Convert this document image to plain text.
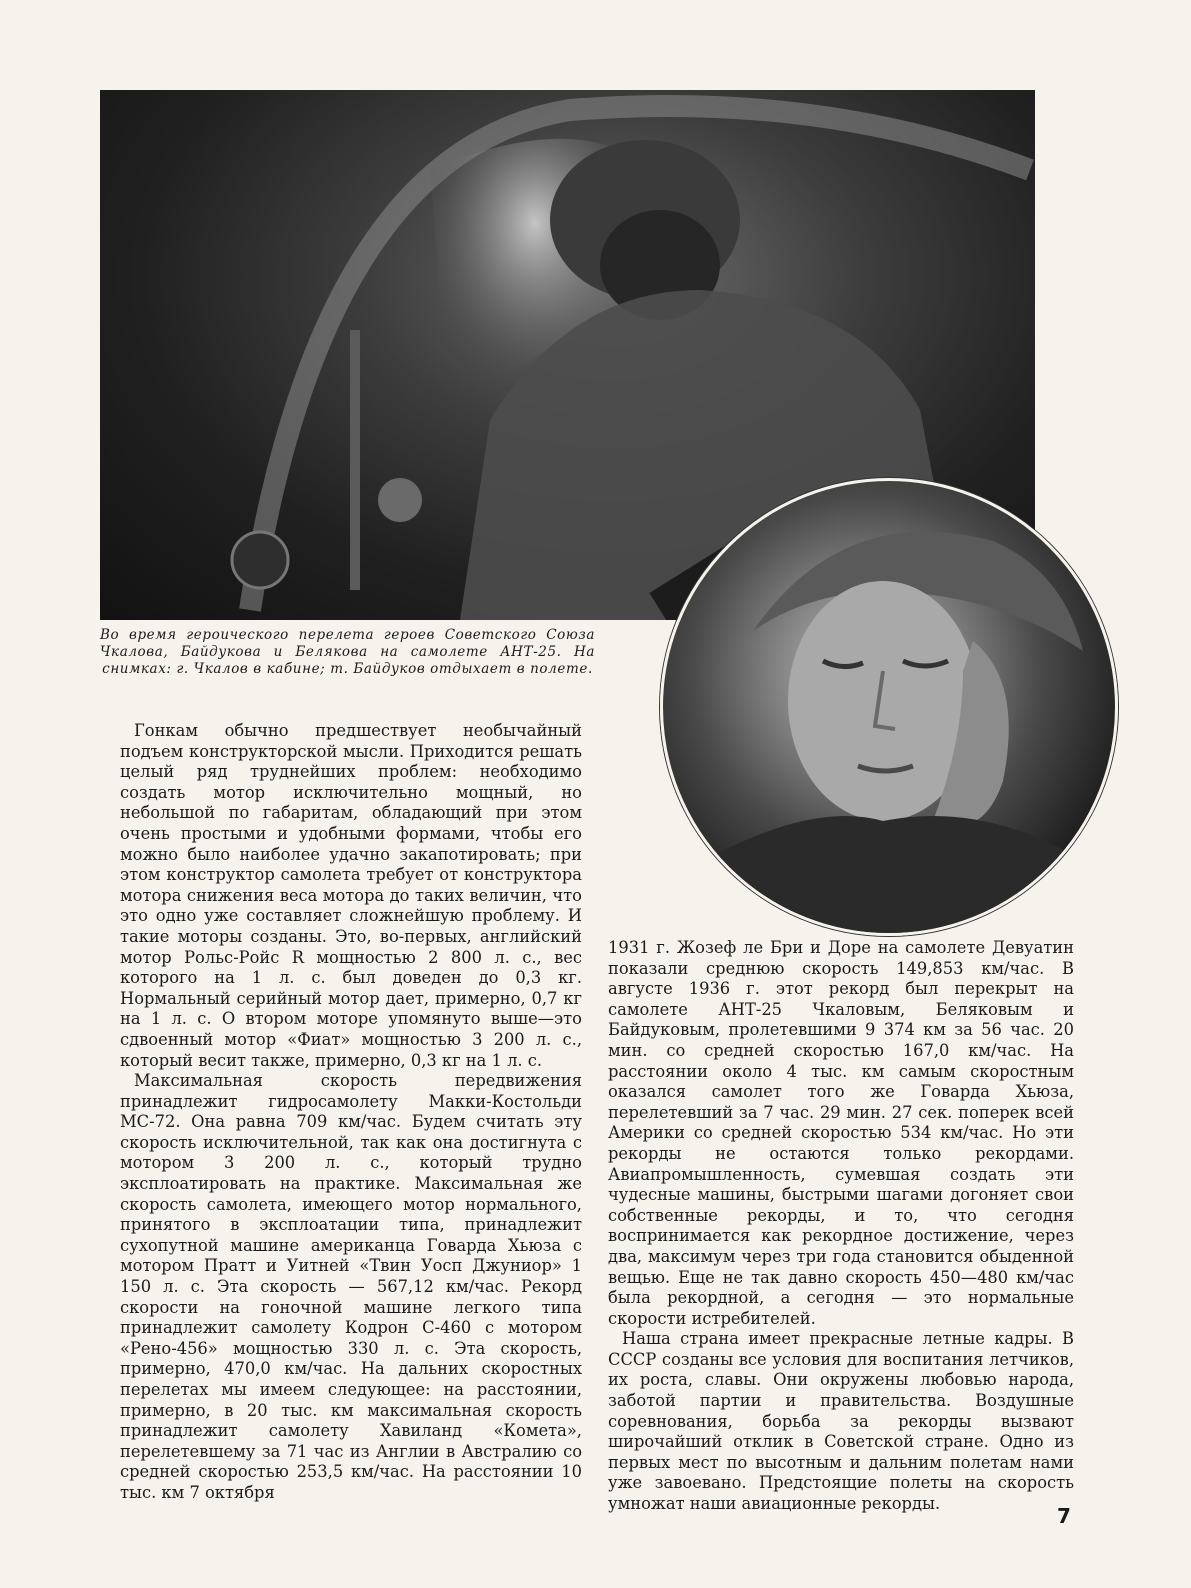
Во время героического перелета героев Советского Союза Чкалова, Байдукова и Белякова на самолете АНТ-25. На снимках: г. Чкалов в кабине; т. Байдуков отдыхает в полете.

Гонкам обычно предшествует необычайный подъем конструкторской мысли. Приходится решать целый ряд труднейших проблем: необходимо создать мотор исключительно мощный, но небольшой по габаритам, обладающий при этом очень простыми и удобными формами, чтобы его можно было наиболее удачно закапотировать; при этом конструктор самолета требует от конструктора мотора снижения веса мотора до таких величин, что это одно уже составляет сложнейшую проблему. И такие моторы созданы. Это, во-первых, английский мотор Рольс-Ройс R мощностью 2 800 л. с., вес которого на 1 л. с. был доведен до 0,3 кг. Нормальный серийный мотор дает, примерно, 0,7 кг на 1 л. с. О втором моторе упомянуто выше—это сдвоенный мотор «Фиат» мощностью 3 200 л. с., который весит также, примерно, 0,3 кг на 1 л. с.

Максимальная скорость передвижения принадлежит гидросамолету Макки-Костольди МС-72. Она равна 709 км/час. Будем считать эту скорость исключительной, так как она достигнута с мотором 3 200 л. с., который трудно эксплоатировать на практике. Максимальная же скорость самолета, имеющего мотор нормального, принятого в эксплоатации типа, принадлежит сухопутной машине американца Говарда Хьюза с мотором Пратт и Уитней «Твин Уосп Джуниор» 1 150 л. с. Эта скорость — 567,12 км/час. Рекорд скорости на гоночной машине легкого типа принадлежит самолету Кодрон С-460 с мотором «Рено-456» мощностью 330 л. с. Эта скорость, примерно, 470,0 км/час. На дальних скоростных перелетах мы имеем следующее: на расстоянии, примерно, в 20 тыс. км максимальная скорость принадлежит самолету Хавиланд «Комета», перелетевшему за 71 час из Англии в Австралию со средней скоростью 253,5 км/час. На расстоянии 10 тыс. км 7 октября

1931 г. Жозеф ле Бри и Доре на самолете Девуатин показали среднюю скорость 149,853 км/час. В августе 1936 г. этот рекорд был перекрыт на самолете АНТ-25 Чкаловым, Беляковым и Байдуковым, пролетевшими 9 374 км за 56 час. 20 мин. со средней скоростью 167,0 км/час. На расстоянии около 4 тыс. км самым скоростным оказался самолет того же Говарда Хьюза, перелетевший за 7 час. 29 мин. 27 сек. поперек всей Америки со средней скоростью 534 км/час. Но эти рекорды не остаются только рекордами. Авиапромышленность, сумевшая создать эти чудесные машины, быстрыми шагами догоняет свои собственные рекорды, и то, что сегодня воспринимается как рекордное достижение, через два, максимум через три года становится обыденной вещью. Еще не так давно скорость 450—480 км/час была рекордной, а сегодня — это нормальные скорости истребителей.

Наша страна имеет прекрасные летные кадры. В СССР созданы все условия для воспитания летчиков, их роста, славы. Они окружены любовью народа, заботой партии и правительства. Воздушные соревнования, борьба за рекорды вызвают широчайший отклик в Советской стране. Одно из первых мест по высотным и дальним полетам нами уже завоевано. Предстоящие полеты на скорость умножат наши авиационные рекорды.

7
